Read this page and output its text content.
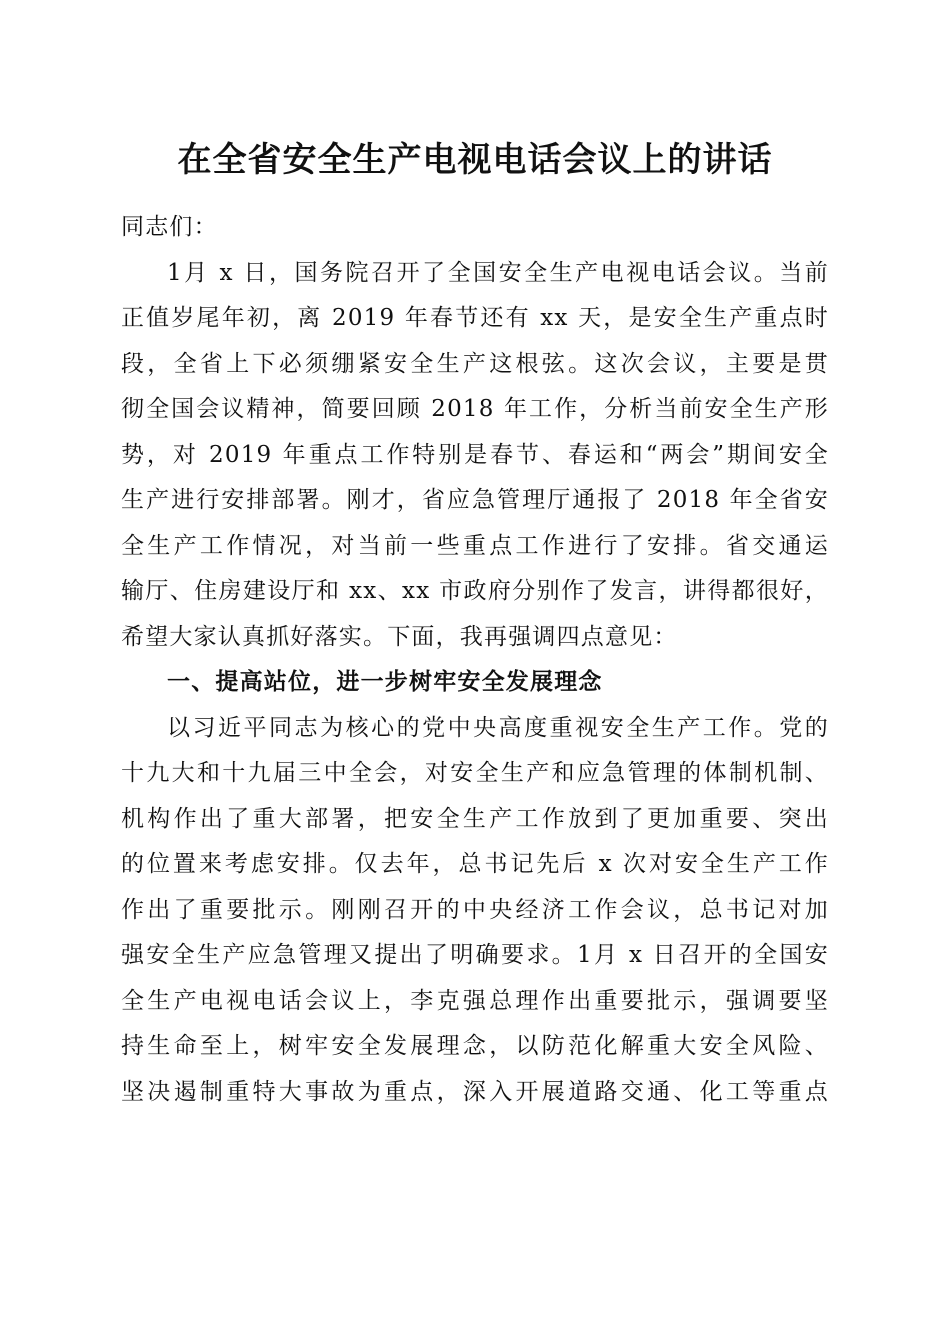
在全省安全生产电视电话会议上的讲话
同志们：
1月 x 日，国务院召开了全国安全生产电视电话会议。当前
正值岁尾年初，离 2019 年春节还有 xx 天，是安全生产重点时
段，全省上下必须绷紧安全生产这根弦。这次会议，主要是贯
彻全国会议精神，简要回顾 2018 年工作，分析当前安全生产形
势，对 2019 年重点工作特别是春节、春运和“两会”期间安全
生产进行安排部署。刚才，省应急管理厅通报了 2018 年全省安
全生产工作情况，对当前一些重点工作进行了安排。省交通运
输厅、住房建设厅和 xx、xx 市政府分别作了发言，讲得都很好，
希望大家认真抓好落实。下面，我再强调四点意见：
一、提高站位，进一步树牢安全发展理念
以习近平同志为核心的党中央高度重视安全生产工作。党的
十九大和十九届三中全会，对安全生产和应急管理的体制机制、
机构作出了重大部署，把安全生产工作放到了更加重要、突出
的位置来考虑安排。仅去年，总书记先后 x 次对安全生产工作
作出了重要批示。刚刚召开的中央经济工作会议，总书记对加
强安全生产应急管理又提出了明确要求。1月 x 日召开的全国安
全生产电视电话会议上，李克强总理作出重要批示，强调要坚
持生命至上，树牢安全发展理念，以防范化解重大安全风险、
坚决遏制重特大事故为重点，深入开展道路交通、化工等重点
